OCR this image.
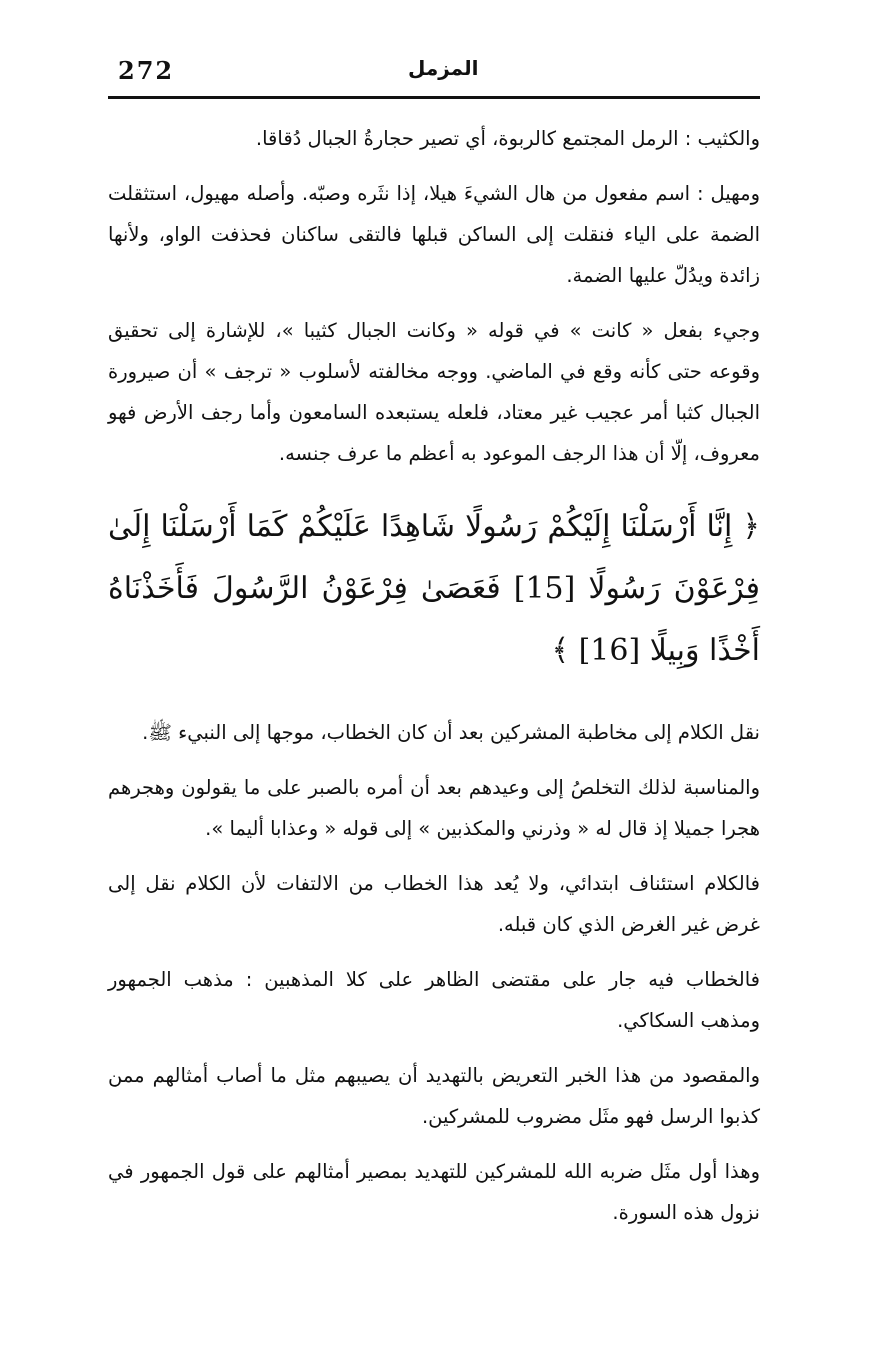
272	المزمل

والكثيب : الرمل المجتمع كالربوة، أي تصير حجارةُ الجبال دُقاقا.

ومهيل : اسم مفعول من هال الشيءَ هيلا، إذا نثَره وصبّه. وأصله مهيول، استثقلت الضمة على الياء فنقلت إلى الساكن قبلها فالتقى ساكنان فحذفت الواو، ولأنها زائدة ويدُلّ عليها الضمة.

وجيء بفعل « كانت » في قوله « وكانت الجبال كثيبا »، للإشارة إلى تحقيق وقوعه حتى كأنه وقع في الماضي. ووجه مخالفته لأسلوب « ترجف » أن صيرورة الجبال كثبا أمر عجيب غير معتاد، فلعله يستبعده السامعون وأما رجف الأرض فهو معروف، إلّا أن هذا الرجف الموعود به أعظم ما عرف جنسه.

﴿ إِنَّا أَرْسَلْنَا إِلَيْكُمْ رَسُولًا شَاهِدًا عَلَيْكُمْ كَمَا أَرْسَلْنَا إِلَىٰ فِرْعَوْنَ رَسُولًا [15] فَعَصَىٰ فِرْعَوْنُ الرَّسُولَ فَأَخَذْنَاهُ أَخْذًا وَبِيلًا [16] ﴾

نقل الكلام إلى مخاطبة المشركين بعد أن كان الخطاب، موجها إلى النبيء ﷺ.

والمناسبة لذلك التخلصُ إلى وعيدهم بعد أن أمره بالصبر على ما يقولون وهجرهم هجرا جميلا إذ قال له « وذرني والمكذبين » إلى قوله « وعذابا أليما ».

فالكلام استئناف ابتدائي، ولا يُعد هذا الخطاب من الالتفات لأن الكلام نقل إلى غرض غير الغرض الذي كان قبله.

فالخطاب فيه جار على مقتضى الظاهر على كلا المذهبين : مذهب الجمهور ومذهب السكاكي.

والمقصود من هذا الخبر التعريض بالتهديد أن يصيبهم مثل ما أصاب أمثالهم ممن كذبوا الرسل فهو مثَل مضروب للمشركين.

وهذا أول مثَل ضربه الله للمشركين للتهديد بمصير أمثالهم على قول الجمهور في نزول هذه السورة.
